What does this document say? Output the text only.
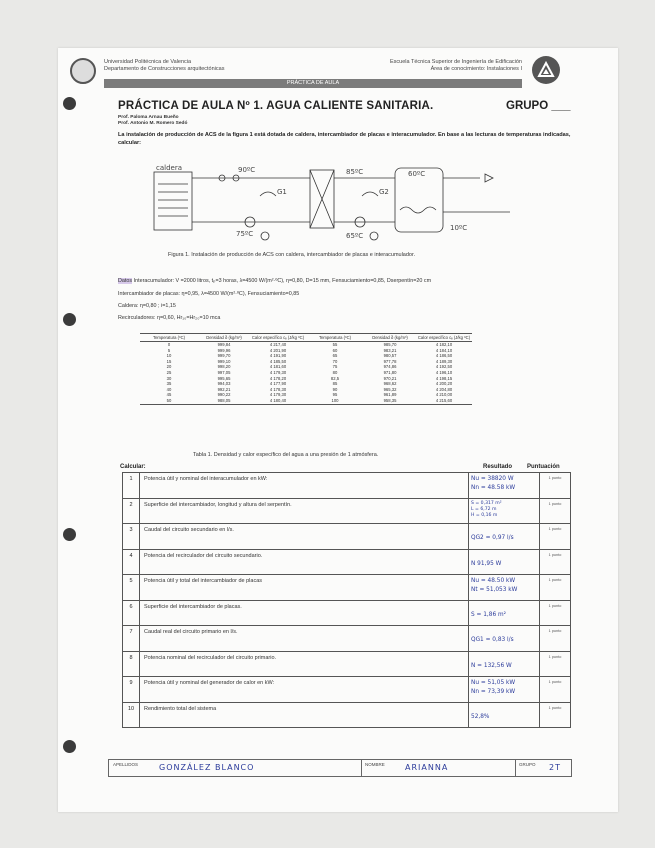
Universidad Politécnica de Valencia
Departamento de Construcciones arquitectónicas
Escuela Técnica Superior de Ingeniería de Edificación
Área de conocimiento: Instalaciones I
PRÁCTICA DE AULA
PRÁCTICA DE AULA Nº 1. AGUA CALIENTE SANITARIA.	GRUPO ___
Prof. Paloma Arnau Bueño
Prof. Antonio M. Romero Sedó
La instalación de producción de ACS de la figura 1 está dotada de caldera, intercambiador de placas e interacumulador. En base a las lecturas de temperaturas indicadas, calcular:
caldera	90ºC	85ºC	60ºC
75ºC	65ºC
10ºC
G1	G2
Figura 1. Instalación de producción de ACS con caldera, intercambiador de placas e interacumulador.
Datos Interacumulador: V =2000 litros, tₚ=3 horas, λ=4500 W/(m²·ºC), η=0,80, D=15 mm, Fensuciamiento=0,85, Dserpentín=20 cm
Intercambiador de placas: η=0,95, λ=4500 W/(m²·ºC), Fensuciamiento=0,85
Caldera: η=0,80 ; i=1,15
Recirculadores: η=0,60, Hr₁₀=Hr₂₀=10 mca
Temperatura (ºC)	Densidad δ (kg/m³)	Calor específico cₑ (J/kg ºC)	Temperatura (ºC)	Densidad δ (kg/m³)	Calor específico cₑ (J/kg ºC)
0	999,84	4 217,40	55	985,70	4 182,10
5	999,96	4 201,90	60	983,21	4 184,10
10	999,70	4 191,90	65	980,57	4 186,50
15	999,10	4 185,50	70	977,78	4 189,30
20	998,20	4 181,60	75	974,86	4 192,50
25	997,05	4 179,30	80	971,80	4 196,10
30	995,65	4 178,20	82,5	970,21	4 198,15
35	994,03	4 177,90	85	968,62	4 200,20
40	992,21	4 178,30	90	965,32	4 204,80
45	990,22	4 179,30	95	961,89	4 210,00
50	988,05	4 180,40	100	958,35	4 215,60
Tabla 1. Densidad y calor específico del agua a una presión de 1 atmósfera.
Calcular:	Resultado Puntuación
1	Potencia útil y nominal del interacumulador en kW:	Nu = 38820 W
Nn = 48.58 kW	1 punto
2	Superficie del intercambiador, longitud y altura del serpentín.	S = 0,317 m²
L = 6,72 m
H = 0,16 m	1 punto
3	Caudal del circuito secundario en l/s.	QG2 = 0,97 l/s	1 punto
4	Potencia del recirculador del circuito secundario.	N 91,95 W	1 punto
5	Potencia útil y total del intercambiador de placas	Nu = 48.50 kW
Nt = 51,053 kW	1 punto
6	Superficie del intercambiador de placas.	S = 1,86 m²	1 punto
7	Caudal real del circuito primario en l/s.	QG1 = 0,83 l/s	1 punto
8	Potencia nominal del recirculador del circuito primario.	N = 132,56 W	1 punto
9	Potencia útil y nominal del generador de calor en kW:	Nu = 51,05 kW
Nn = 73,39 kW	1 punto
10	Rendimiento total del sistema	52,8%	1 punto
APELLIDOS	GONZÁLEZ BLANCO	NOMBRE	ARIANNA	GRUPO 2T
